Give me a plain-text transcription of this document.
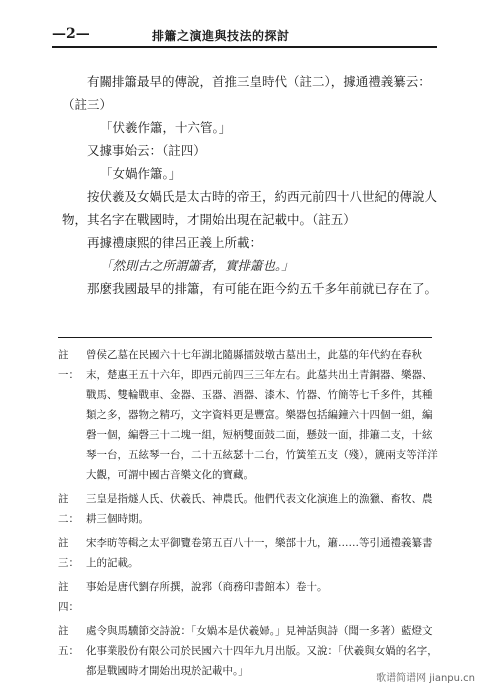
—2—	排簫之演進與技法的探討

有關排簫最早的傳說，首推三皇時代（註二），據通禮義纂云：（註三）

「伏羲作簫，十六管。」

又據事始云：（註四）

「女媧作簫。」

按伏羲及女媧氏是太古時的帝王，約西元前四十八世紀的傳說人物，其名字在戰國時，才開始出現在記載中。（註五）

再據禮康熙的律呂正義上所載：

「然則古之所謂簫者，實排簫也。」

那麼我國最早的排簫，有可能在距今約五千多年前就已存在了。

註一：
曾侯乙墓在民國六十七年湖北隨縣擂鼓墩古墓出土，此墓的年代約在春秋末，楚惠王五十六年，即西元前四三三年左右。此墓共出土青銅器、樂器、戰馬、雙輪戰車、金器、玉器、酒器、漆木、竹器、竹簡等七千多件，其種類之多，器物之精巧，文字資料更是豐富。樂器包括編鐘六十四個一組，編磬一個，編磬三十二塊一組，短柄雙面鼓二面，懸鼓一面，排簫二支，十絃琴一台，五絃琴一台，二十五絃瑟十二台，竹簧笙五支（殘），篪兩支等洋洋大觀，可謂中國古音樂文化的寶藏。
註二：
三皇是指燧人氏、伏羲氏、神農氏。他們代表文化演進上的漁獵、畜牧、農耕三個時期。
註三：
宋李昉等輯之太平御覽卷第五百八十一，樂部十九，簫……等引通禮義纂書上的記載。
註四：
事始是唐代劉存所撰，說郛（商務印書館本）卷十。
註五：
處令與馬驥節交詩說：「女媧本是伏羲婦。」見神話與詩（聞一多著）藍燈文化事業股份有限公司於民國六十四年九月出版。又說：「伏羲與女媧的名字，都是戰國時才開始出現於記載中。」
歌谱简谱网 jianpu.cn
